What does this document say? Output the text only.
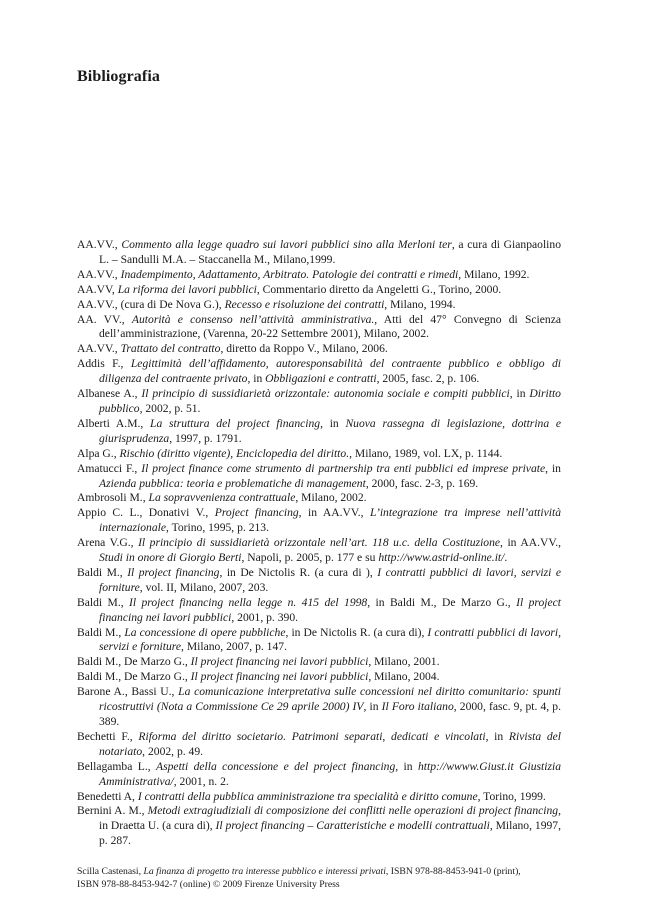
Bibliografia

AA.VV., Commento alla legge quadro sui lavori pubblici sino alla Merloni ter, a cura di Gianpaolino L. – Sandulli M.A. – Staccanella M., Milano,1999.

AA.VV., Inadempimento, Adattamento, Arbitrato. Patologie dei contratti e rimedi, Milano, 1992.

AA.VV, La riforma dei lavori pubblici, Commentario diretto da Angeletti G., Torino, 2000.

AA.VV., (cura di De Nova G.), Recesso e risoluzione dei contratti, Milano, 1994.

AA. VV., Autorità e consenso nell’attività amministrativa., Atti del 47° Convegno di Scienza dell’amministrazione, (Varenna, 20-22 Settembre 2001), Milano, 2002.

AA.VV., Trattato del contratto, diretto da Roppo V., Milano, 2006.

Addis F., Legittimità dell’affidamento, autoresponsabilità del contraente pubblico e obbligo di diligenza del contraente privato, in Obbligazioni e contratti, 2005, fasc. 2, p. 106.

Albanese A., Il principio di sussidiarietà orizzontale: autonomia sociale e compiti pubblici, in Diritto pubblico, 2002, p. 51.

Alberti A.M., La struttura del project financing, in Nuova rassegna di legislazione, dottrina e giurisprudenza, 1997, p. 1791.

Alpa G., Rischio (diritto vigente), Enciclopedia del diritto., Milano, 1989, vol. LX, p. 1144.

Amatucci F., Il project finance come strumento di partnership tra enti pubblici ed imprese private, in Azienda pubblica: teoria e problematiche di management, 2000, fasc. 2-3, p. 169.

Ambrosoli M., La sopravvenienza contrattuale, Milano, 2002.

Appio C. L., Donativi V., Project financing, in AA.VV., L’integrazione tra imprese nell’attività internazionale, Torino, 1995, p. 213.

Arena V.G., Il principio di sussidiarietà orizzontale nell’art. 118 u.c. della Costituzione, in AA.VV., Studi in onore di Giorgio Berti, Napoli, p. 2005, p. 177 e su http://www.astrid-online.it/.

Baldi M., Il project financing, in De Nictolis R. (a cura di ), I contratti pubblici di lavori, servizi e forniture, vol. II, Milano, 2007, 203.

Baldi M., Il project financing nella legge n. 415 del 1998, in Baldi M., De Marzo G., Il project financing nei lavori pubblici, 2001, p. 390.

Baldi M., La concessione di opere pubbliche, in De Nictolis R. (a cura di), I contratti pubblici di lavori, servizi e forniture, Milano, 2007, p. 147.

Baldi M., De Marzo G., Il project financing nei lavori pubblici, Milano, 2001.

Baldi M., De Marzo G., Il project financing nei lavori pubblici, Milano, 2004.

Barone A., Bassi U., La comunicazione interpretativa sulle concessioni nel diritto comunitario: spunti ricostruttivi (Nota a Commissione Ce 29 aprile 2000) IV, in Il Foro italiano, 2000, fasc. 9, pt. 4, p. 389.

Bechetti F., Riforma del diritto societario. Patrimoni separati, dedicati e vincolati, in Rivista del notariato, 2002, p. 49.

Bellagamba L., Aspetti della concessione e del project financing, in http://wwww.Giust.it Giustizia Amministrativa/, 2001, n. 2.

Benedetti A, I contratti della pubblica amministrazione tra specialità e diritto comune, Torino, 1999.

Bernini A. M., Metodi extragiudiziali di composizione dei conflitti nelle operazioni di project financing, in Draetta U. (a cura di), Il project financing – Caratteristiche e modelli contrattuali, Milano, 1997, p. 287.

Scilla Castenasi, La finanza di progetto tra interesse pubblico e interessi privati, ISBN 978-88-8453-941-0 (print),
ISBN 978-88-8453-942-7 (online) © 2009 Firenze University Press
